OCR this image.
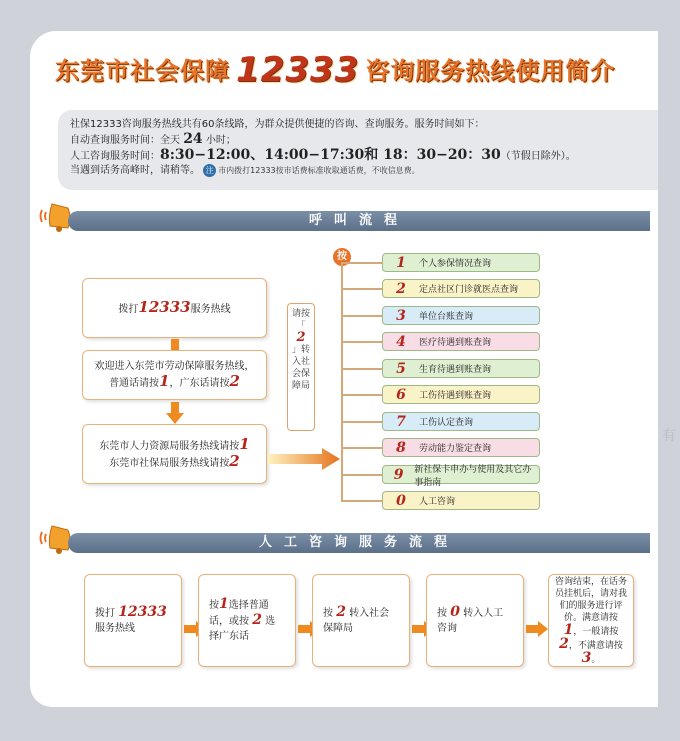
东莞市社会保障 12333 咨询服务热线使用简介
社保12333咨询服务热线共有60条线路，为群众提供便捷的咨询、查询服务。服务时间如下：
自动查询服务时间：全天 24 小时；
人工咨询服务时间：8:30−12:00、14:00−17:30和 18：30−20：30（节假日除外）。
当遇到话务高峰时，请稍等。 注 市内拨打12333按市话费标准收取通话费，不收信息费。
呼叫流程
人工咨询服务流程
拨打12333服务热线
欢迎进入东莞市劳动保障服务热线，
普通话请按1，广东话请按2
东莞市人力资源局服务热线请按1
东莞市社保局服务热线请按2
请按「
2
」转入社会保障局
按	1	个人参保情况查询
2	定点社区门诊就医点查询
3	单位台账查询
4	医疗待遇到账查询
5	生育待遇到账查询
6	工伤待遇到账查询
7	工伤认定查询
8	劳动能力鉴定查询
9	新社保卡申办与使用及其它办事指南
0	人工咨询
拨打 12333
服务热线
按1选择普通话，或按 2 选择广东话
按 2 转入社会保障局
按 0 转入人工咨询
咨询结束，在话务员挂机后，请对我们的服务进行评价。满意请按1，一般请按2，不满意请按3。
有
